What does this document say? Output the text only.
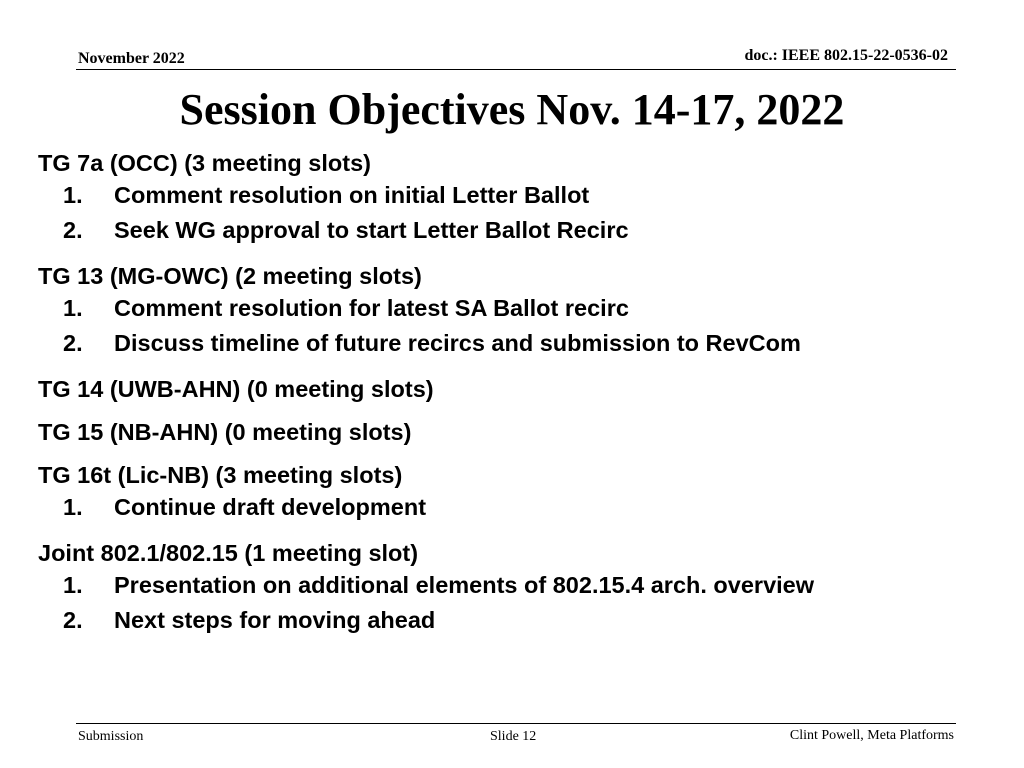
November 2022	doc.: IEEE 802.15-22-0536-02
Session Objectives Nov. 14-17, 2022
TG 7a (OCC) (3 meeting slots)
1.	Comment resolution on initial Letter Ballot
2.	Seek WG approval to start Letter Ballot Recirc
TG 13 (MG-OWC) (2 meeting slots)
1.	Comment resolution for latest SA Ballot recirc
2.	Discuss timeline of future recircs and submission to RevCom
TG 14 (UWB-AHN) (0 meeting slots)
TG 15 (NB-AHN) (0 meeting slots)
TG 16t (Lic-NB) (3 meeting slots)
1.	Continue draft development
Joint 802.1/802.15 (1 meeting slot)
1.	Presentation on additional elements of 802.15.4 arch. overview
2.	Next steps for moving ahead
Submission	Slide 12	Clint Powell, Meta Platforms
